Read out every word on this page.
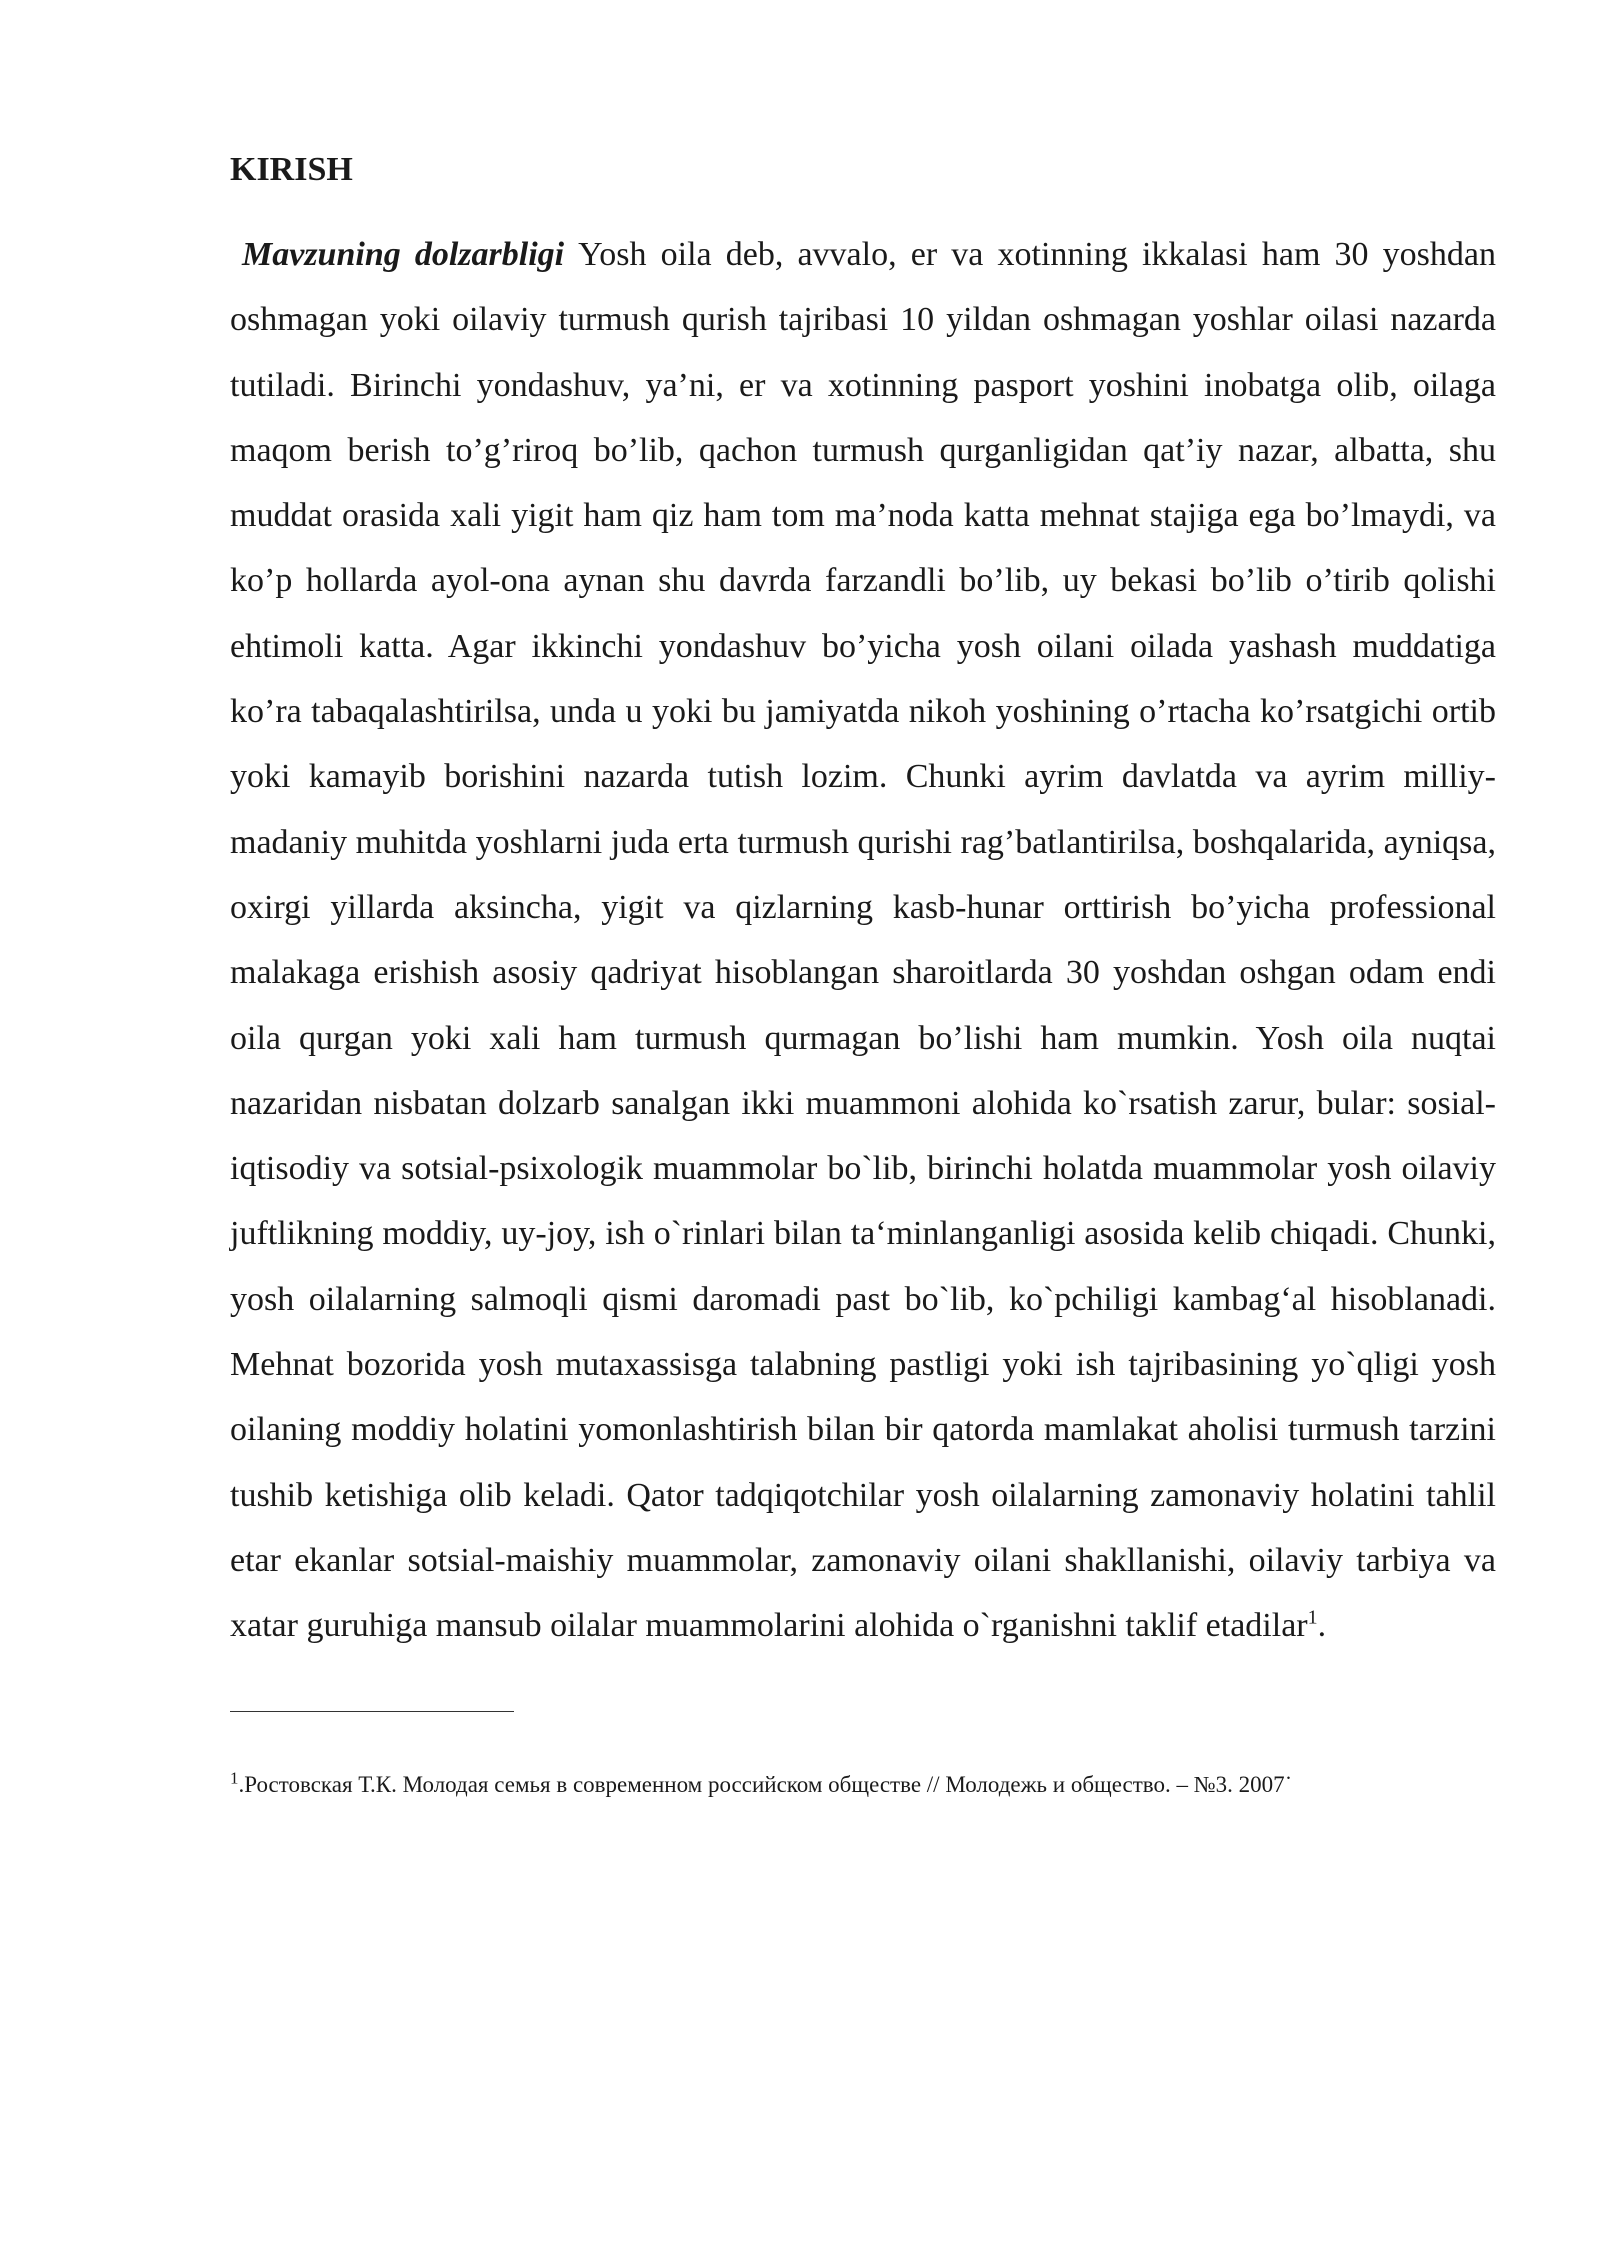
KIRISH

Mavzuning dolzarbligi Yosh oila deb, avvalo, er va xotinning ikkalasi ham 30 yoshdan oshmagan yoki oilaviy turmush qurish tajribasi 10 yildan oshmagan yoshlar oilasi nazarda tutiladi. Birinchi yondashuv, ya’ni, er va xotinning pasport yoshini inobatga olib, oilaga maqom berish to’g’riroq bo’lib, qachon turmush qurganligidan qat’iy nazar, albatta, shu muddat orasida xali yigit ham qiz ham tom ma’noda katta mehnat stajiga ega bo’lmaydi, va ko’p hollarda ayol-ona aynan shu davrda farzandli bo’lib, uy bekasi bo’lib o’tirib qolishi ehtimoli katta. Agar ikkinchi yondashuv bo’yicha yosh oilani oilada yashash muddatiga ko’ra tabaqalashtirilsa, unda u yoki bu jamiyatda nikoh yoshining o’rtacha ko’rsatgichi ortib yoki kamayib borishini nazarda tutish lozim. Chunki ayrim davlatda va ayrim milliy-madaniy muhitda yoshlarni juda erta turmush qurishi rag’batlantirilsa, boshqalarida, ayniqsa, oxirgi yillarda aksincha, yigit va qizlarning kasb-hunar orttirish bo’yicha professional malakaga erishish asosiy qadriyat hisoblangan sharoitlarda 30 yoshdan oshgan odam endi oila qurgan yoki xali ham turmush qurmagan bo’lishi ham mumkin. Yosh oila nuqtai nazaridan nisbatan dolzarb sanalgan ikki muammoni alohida ko`rsatish zarur, bular: sosial-iqtisodiy va sotsial-psixologik muammolar bo`lib, birinchi holatda muammolar yosh oilaviy juftlikning moddiy, uy-joy, ish o`rinlari bilan ta‘minlanganligi asosida kelib chiqadi. Chunki, yosh oilalarning salmoqli qismi daromadi past bo`lib, ko`pchiligi kambag‘al hisoblanadi. Mehnat bozorida yosh mutaxassisga talabning pastligi yoki ish tajribasining yo`qligi yosh oilaning moddiy holatini yomonlashtirish bilan bir qatorda mamlakat aholisi turmush tarzini tushib ketishiga olib keladi. Qator tadqiqotchilar yosh oilalarning zamonaviy holatini tahlil etar ekanlar sotsial-maishiy muammolar, zamonaviy oilani shakllanishi, oilaviy tarbiya va xatar guruhiga mansub oilalar muammolarini alohida o`rganishni taklif etadilar$^1$.

$^1$.Ростовская Т.К. Молодая семья в современном российском обществе // Молодежь и общество. – №3. 2007˙
